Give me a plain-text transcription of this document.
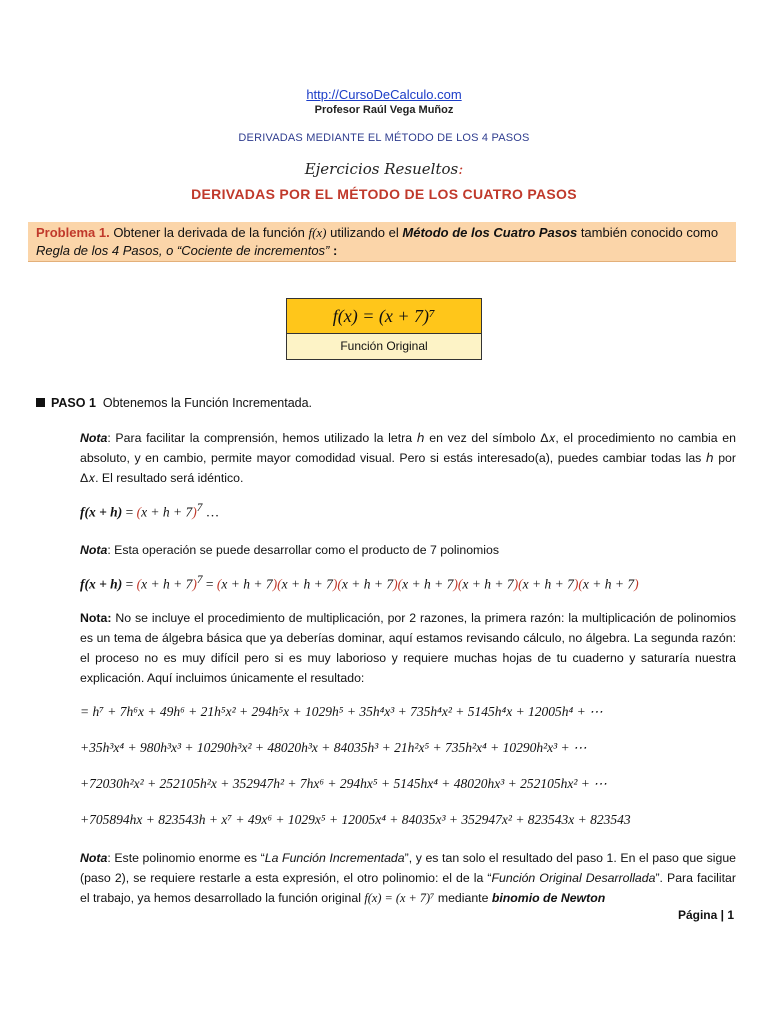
http://CursoDeCalculo.com
Profesor Raúl Vega Muñoz
DERIVADAS MEDIANTE EL MÉTODO DE LOS 4 PASOS
Ejercicios Resueltos:
DERIVADAS POR EL MÉTODO DE LOS CUATRO PASOS
Problema 1. Obtener la derivada de la función f(x) utilizando el Método de los Cuatro Pasos también conocido como Regla de los 4 Pasos, o “Cociente de incrementos” :
f(x) = (x + 7)⁷
Función Original
PASO 1 Obtenemos la Función Incrementada.
Nota: Para facilitar la comprensión, hemos utilizado la letra ℎ en vez del símbolo Δ𝑥, el procedimiento no cambia en absoluto, y en cambio, permite mayor comodidad visual. Pero si estás interesado(a), puedes cambiar todas las ℎ por Δ𝑥. El resultado será idéntico.
$f(x + h) = (x + h + 7)^7$ …
Nota: Esta operación se puede desarrollar como el producto de 7 polinomios
$f(x + h) = (x + h + 7)^7 = (x + h + 7)(x + h + 7)(x + h + 7)(x + h + 7)(x + h + 7)(x + h + 7)(x + h + 7)$
Nota: No se incluye el procedimiento de multiplicación, por 2 razones, la primera razón: la multiplicación de polinomios es un tema de álgebra básica que ya deberías dominar, aquí estamos revisando cálculo, no álgebra. La segunda razón: el proceso no es muy difícil pero si es muy laborioso y requiere muchas hojas de tu cuaderno y saturaría nuestra explicación. Aquí incluimos únicamente el resultado:
= h⁷ + 7h⁶x + 49h⁶ + 21h⁵x² + 294h⁵x + 1029h⁵ + 35h⁴x³ + 735h⁴x² + 5145h⁴x + 12005h⁴ + ⋯
+35h³x⁴ + 980h³x³ + 10290h³x² + 48020h³x + 84035h³ + 21h²x⁵ + 735h²x⁴ + 10290h²x³ + ⋯
+72030h²x² + 252105h²x + 352947h² + 7hx⁶ + 294hx⁵ + 5145hx⁴ + 48020hx³ + 252105hx² + ⋯
+705894hx + 823543h + x⁷ + 49x⁶ + 1029x⁵ + 12005x⁴ + 84035x³ + 352947x² + 823543x + 823543
Nota: Este polinomio enorme es “La Función Incrementada”, y es tan solo el resultado del paso 1. En el paso que sigue (paso 2), se requiere restarle a esta expresión, el otro polinomio: el de la “Función Original Desarrollada”. Para facilitar el trabajo, ya hemos desarrollado la función original f(x) = (x + 7)⁷ mediante binomio de Newton
Página | 1
